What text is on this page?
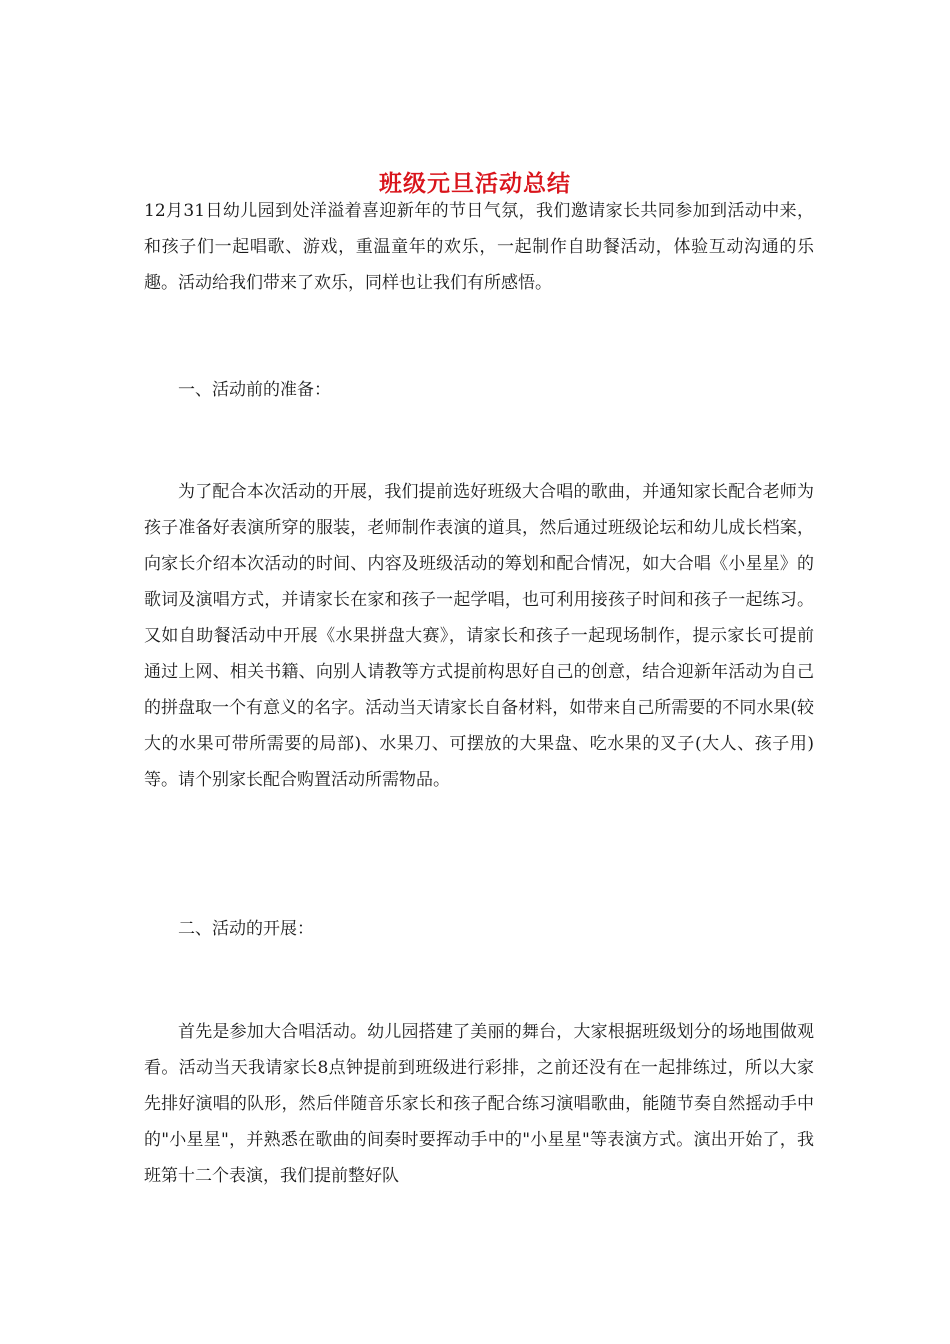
班级元旦活动总结

12月31日幼儿园到处洋溢着喜迎新年的节日气氛，我们邀请家长共同参加到活动中来，和孩子们一起唱歌、游戏，重温童年的欢乐，一起制作自助餐活动，体验互动沟通的乐趣。活动给我们带来了欢乐，同样也让我们有所感悟。

一、活动前的准备：

为了配合本次活动的开展，我们提前选好班级大合唱的歌曲，并通知家长配合老师为孩子准备好表演所穿的服装，老师制作表演的道具，然后通过班级论坛和幼儿成长档案，向家长介绍本次活动的时间、内容及班级活动的筹划和配合情况，如大合唱《小星星》的歌词及演唱方式，并请家长在家和孩子一起学唱，也可利用接孩子时间和孩子一起练习。又如自助餐活动中开展《水果拼盘大赛》，请家长和孩子一起现场制作，提示家长可提前通过上网、相关书籍、向别人请教等方式提前构思好自己的创意，结合迎新年活动为自己的拼盘取一个有意义的名字。活动当天请家长自备材料，如带来自己所需要的不同水果(较大的水果可带所需要的局部)、水果刀、可摆放的大果盘、吃水果的叉子(大人、孩子用)等。请个别家长配合购置活动所需物品。

二、活动的开展：

首先是参加大合唱活动。幼儿园搭建了美丽的舞台，大家根据班级划分的场地围做观看。活动当天我请家长8点钟提前到班级进行彩排，之前还没有在一起排练过，所以大家先排好演唱的队形，然后伴随音乐家长和孩子配合练习演唱歌曲，能随节奏自然摇动手中的"小星星"，并熟悉在歌曲的间奏时要挥动手中的"小星星"等表演方式。演出开始了，我班第十二个表演，我们提前整好队
